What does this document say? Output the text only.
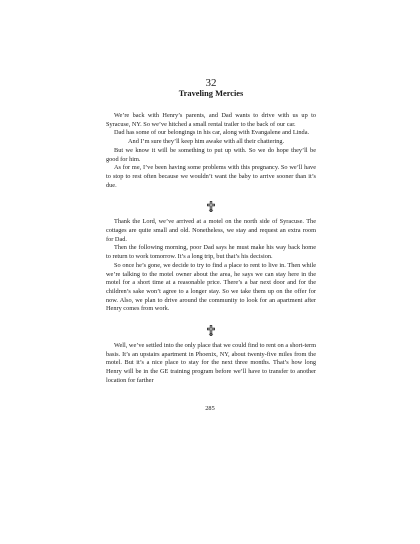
32

Traveling Mercies

We’re back with Henry’s parents, and Dad wants to drive with us up to Syracuse, NY. So we’ve hitched a small rental trailer to the back of our car.

Dad has some of our belongings in his car, along with Evangalene and Linda.

And I’m sure they’ll keep him awake with all their chattering.

But we know it will be something to put up with. So we do hope they’ll be good for him.

As for me, I’ve been having some problems with this pregnancy. So we’ll have to stop to rest often because we wouldn’t want the baby to arrive sooner than it’s due.

Thank the Lord, we’ve arrived at a motel on the north side of Syracuse. The cottages are quite small and old. Nonetheless, we stay and request an extra room for Dad.

Then the following morning, poor Dad says he must make his way back home to return to work tomorrow. It’s a long trip, but that’s his decision.

So once he’s gone, we decide to try to find a place to rent to live in. Then while we’re talking to the motel owner about the area, he says we can stay here in the motel for a short time at a reasonable price. There’s a bar next door and for the children’s sake won’t agree to a longer stay. So we take them up on the offer for now. Also, we plan to drive around the community to look for an apartment after Henry comes from work.

Well, we’ve settled into the only place that we could find to rent on a short-term basis. It’s an upstairs apartment in Phoenix, NY, about twenty-five miles from the motel. But it’s a nice place to stay for the next three months. That’s how long Henry will be in the GE training program before we’ll have to transfer to another location for farther

285
